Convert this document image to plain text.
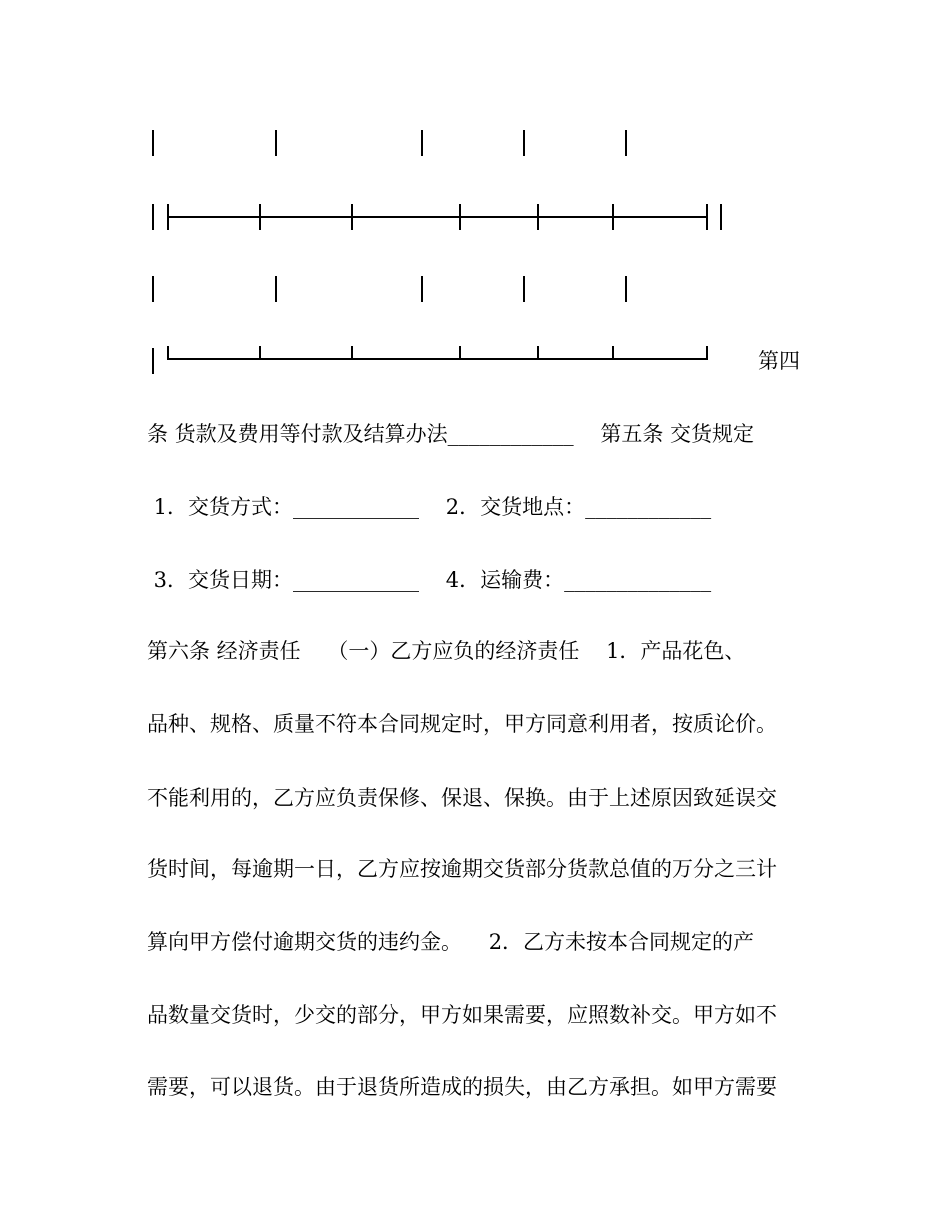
第四
条 货款及费用等付款及结算办法____________    第五条 交货规定
1．交货方式：____________    2．交货地点：____________
3．交货日期：____________    4．运输费：______________
第六条 经济责任    （一）乙方应负的经济责任    1．产品花色、
品种、规格、质量不符本合同规定时，甲方同意利用者，按质论价。
不能利用的，乙方应负责保修、保退、保换。由于上述原因致延误交
货时间，每逾期一日，乙方应按逾期交货部分货款总值的万分之三计
算向甲方偿付逾期交货的违约金。    2．乙方未按本合同规定的产
品数量交货时，少交的部分，甲方如果需要，应照数补交。甲方如不
需要，可以退货。由于退货所造成的损失，由乙方承担。如甲方需要
